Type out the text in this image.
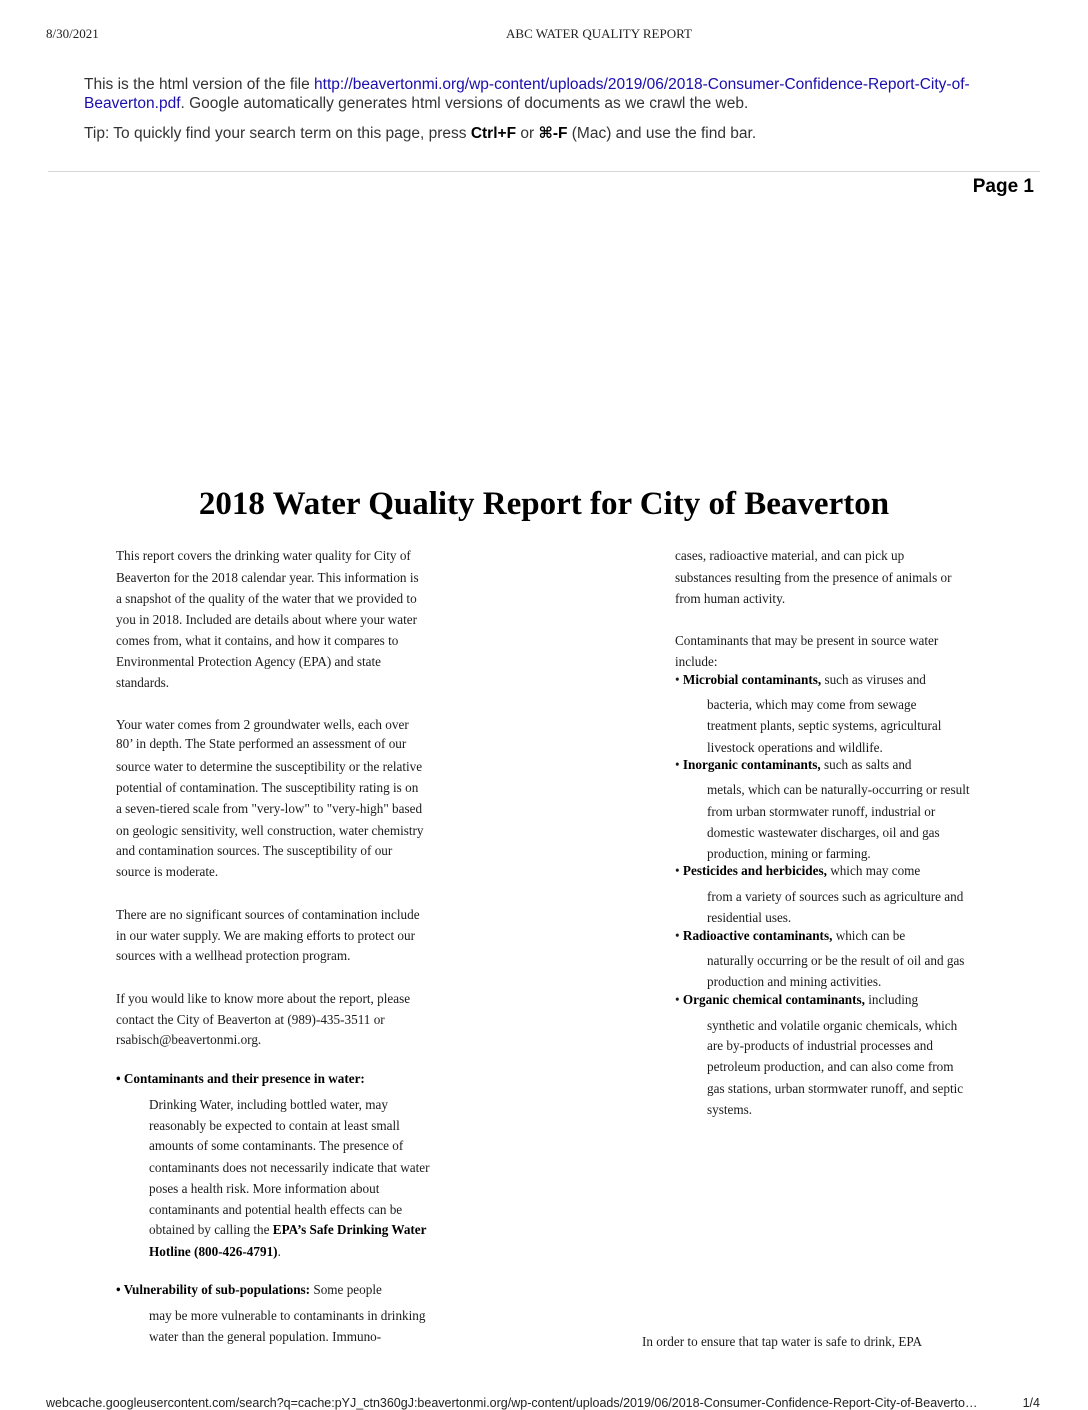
8/30/2021	ABC WATER QUALITY REPORT
This is the html version of the file http://beavertonmi.org/wp-content/uploads/2019/06/2018-Consumer-Confidence-Report-City-of-
Beaverton.pdf. Google automatically generates html versions of documents as we crawl the web.
Tip: To quickly find your search term on this page, press Ctrl+F or ⌘-F (Mac) and use the find bar.
Page 1
2018 Water Quality Report for City of Beaverton
This report covers the drinking water quality for City of
Beaverton for the 2018 calendar year. This information is
a snapshot of the quality of the water that we provided to
you in 2018. Included are details about where your water
comes from, what it contains, and how it compares to
Environmental Protection Agency (EPA) and state
standards.
Your water comes from 2 groundwater wells, each over
80’ in depth. The State performed an assessment of our
source water to determine the susceptibility or the relative
potential of contamination. The susceptibility rating is on
a seven-tiered scale from "very-low" to "very-high" based
on geologic sensitivity, well construction, water chemistry
and contamination sources. The susceptibility of our
source is moderate.
There are no significant sources of contamination include
in our water supply. We are making efforts to protect our
sources with a wellhead protection program.
If you would like to know more about the report, please
contact the City of Beaverton at (989)-435-3511 or
rsabisch@beavertonmi.org.
• Contaminants and their presence in water:
Drinking Water, including bottled water, may
reasonably be expected to contain at least small
amounts of some contaminants. The presence of
contaminants does not necessarily indicate that water
poses a health risk. More information about
contaminants and potential health effects can be
obtained by calling the EPA’s Safe Drinking Water
Hotline (800-426-4791).
• Vulnerability of sub-populations: Some people
may be more vulnerable to contaminants in drinking
water than the general population. Immuno-
cases, radioactive material, and can pick up
substances resulting from the presence of animals or
from human activity.
Contaminants that may be present in source water
include:
• Microbial contaminants, such as viruses and
bacteria, which may come from sewage
treatment plants, septic systems, agricultural
livestock operations and wildlife.
• Inorganic contaminants, such as salts and
metals, which can be naturally-occurring or result
from urban stormwater runoff, industrial or
domestic wastewater discharges, oil and gas
production, mining or farming.
• Pesticides and herbicides, which may come
from a variety of sources such as agriculture and
residential uses.
• Radioactive contaminants, which can be
naturally occurring or be the result of oil and gas
production and mining activities.
• Organic chemical contaminants, including
synthetic and volatile organic chemicals, which
are by-products of industrial processes and
petroleum production, and can also come from
gas stations, urban stormwater runoff, and septic
systems.
In order to ensure that tap water is safe to drink, EPA
webcache.googleusercontent.com/search?q=cache:pYJ_ctn360gJ:beavertonmi.org/wp-content/uploads/2019/06/2018-Consumer-Confidence-Report-City-of-Beaverto…	1/4
